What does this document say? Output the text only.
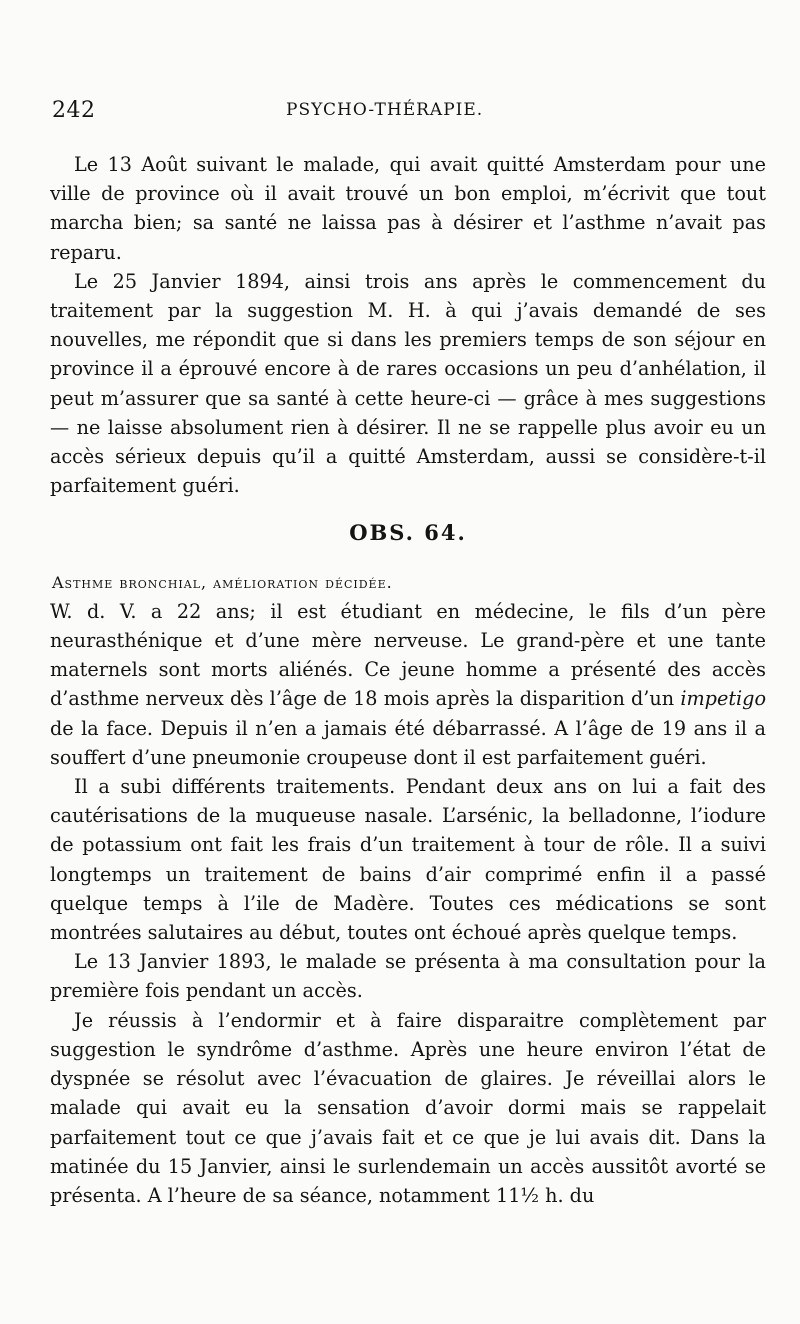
242	PSYCHO-THÉRAPIE.

Le 13 Août suivant le malade, qui avait quitté Amsterdam pour une ville de province où il avait trouvé un bon emploi, m’écrivit que tout marcha bien; sa santé ne laissa pas à désirer et l’asthme n’avait pas reparu.

Le 25 Janvier 1894, ainsi trois ans après le commencement du traitement par la suggestion M. H. à qui j’avais demandé de ses nouvelles, me répondit que si dans les premiers temps de son séjour en province il a éprouvé encore à de rares occasions un peu d’anhélation, il peut m’assurer que sa santé à cette heure-ci — grâce à mes suggestions — ne laisse absolument rien à désirer. Il ne se rappelle plus avoir eu un accès sérieux depuis qu’il a quitté Amsterdam, aussi se considère-t-il parfaitement guéri.

OBS. 64.
Asthme bronchial, amélioration décidée.

W. d. V. a 22 ans; il est étudiant en médecine, le fils d’un père neurasthénique et d’une mère nerveuse. Le grand-père et une tante maternels sont morts aliénés. Ce jeune homme a présenté des accès d’asthme nerveux dès l’âge de 18 mois après la disparition d’un impetigo de la face. Depuis il n’en a jamais été débarrassé. A l’âge de 19 ans il a souffert d’une pneumonie croupeuse dont il est parfaitement guéri.

Il a subi différents traitements. Pendant deux ans on lui a fait des cautérisations de la muqueuse nasale. L’arsénic, la belladonne, l’iodure de potassium ont fait les frais d’un traitement à tour de rôle. Il a suivi longtemps un traitement de bains d’air comprimé enfin il a passé quelque temps à l’ile de Madère. Toutes ces médications se sont montrées salutaires au début, toutes ont échoué après quelque temps.

Le 13 Janvier 1893, le malade se présenta à ma consultation pour la première fois pendant un accès.

Je réussis à l’endormir et à faire disparaitre complètement par suggestion le syndrôme d’asthme. Après une heure environ l’état de dyspnée se résolut avec l’évacuation de glaires. Je réveillai alors le malade qui avait eu la sensation d’avoir dormi mais se rappelait parfaitement tout ce que j’avais fait et ce que je lui avais dit. Dans la matinée du 15 Janvier, ainsi le surlendemain un accès aussitôt avorté se présenta. A l’heure de sa séance, notamment 11½ h. du
